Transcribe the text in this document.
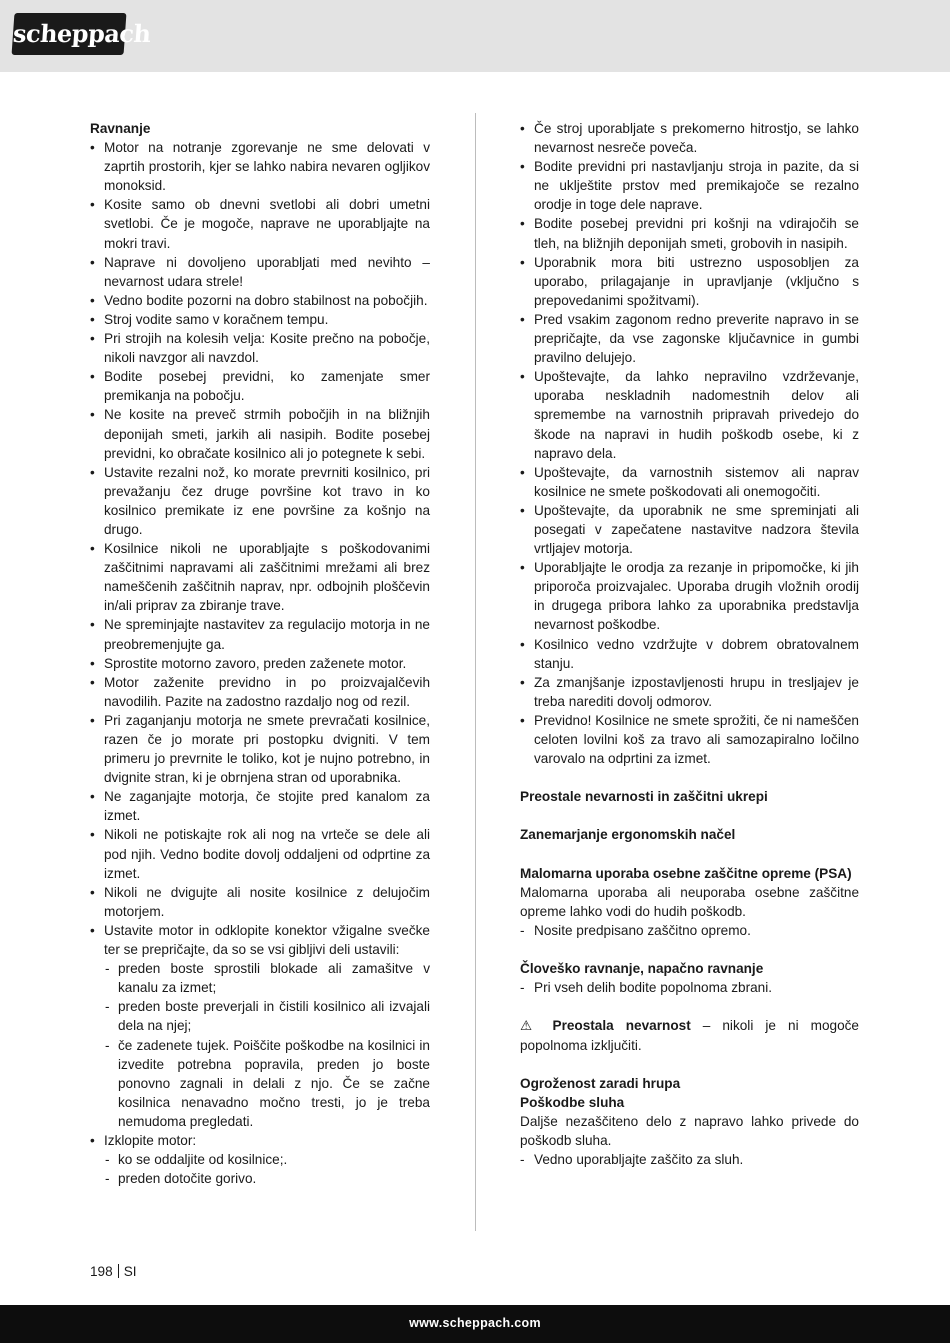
scheppach
Ravnanje
• Motor na notranje zgorevanje ne sme delovati v zaprtih prostorih, kjer se lahko nabira nevaren ogljikov monoksid.
• Kosite samo ob dnevni svetlobi ali dobri umetni svetlobi. Če je mogoče, naprave ne uporabljajte na mokri travi.
• Naprave ni dovoljeno uporabljati med nevihto – nevarnost udara strele!
• Vedno bodite pozorni na dobro stabilnost na pobočjih.
• Stroj vodite samo v koračnem tempu.
• Pri strojih na kolesih velja: Kosite prečno na pobočje, nikoli navzgor ali navzdol.
• Bodite posebej previdni, ko zamenjate smer premikanja na pobočju.
• Ne kosite na preveč strmih pobočjih in na bližnjih deponijah smeti, jarkih ali nasipih. Bodite posebej previdni, ko obračate kosilnico ali jo potegnete k sebi.
• Ustavite rezalni nož, ko morate prevrniti kosilnico, pri prevažanju čez druge površine kot travo in ko kosilnico premikate iz ene površine za košnjo na drugo.
• Kosilnice nikoli ne uporabljajte s poškodovanimi zaščitnimi napravami ali zaščitnimi mrežami ali brez nameščenih zaščitnih naprav, npr. odbojnih ploščevin in/ali priprav za zbiranje trave.
• Ne spreminjajte nastavitev za regulacijo motorja in ne preobremenjujte ga.
• Sprostite motorno zavoro, preden zaženete motor.
• Motor zaženite previdno in po proizvajalčevih navodilih. Pazite na zadostno razdaljo nog od rezil.
• Pri zaganjanju motorja ne smete prevračati kosilnice, razen če jo morate pri postopku dvigniti. V tem primeru jo prevrnite le toliko, kot je nujno potrebno, in dvignite stran, ki je obrnjena stran od uporabnika.
• Ne zaganjajte motorja, če stojite pred kanalom za izmet.
• Nikoli ne potiskajte rok ali nog na vrteče se dele ali pod njih. Vedno bodite dovolj oddaljeni od odprtine za izmet.
• Nikoli ne dvigujte ali nosite kosilnice z delujočim motorjem.
• Ustavite motor in odklopite konektor vžigalne svečke ter se prepričajte, da so se vsi gibljivi deli ustavili:
- preden boste sprostili blokade ali zamašitve v kanalu za izmet;
- preden boste preverjali in čistili kosilnico ali izvajali dela na njej;
- če zadenete tujek. Poiščite poškodbe na kosilnici in izvedite potrebna popravila, preden jo boste ponovno zagnali in delali z njo. Če se začne kosilnica nenavadno močno tresti, jo je treba nemudoma pregledati.
• Izklopite motor:
- ko se oddaljite od kosilnice;.
- preden dotočite gorivo.
• Če stroj uporabljate s prekomerno hitrostjo, se lahko nevarnost nesreče poveča.
• Bodite previdni pri nastavljanju stroja in pazite, da si ne uklještite prstov med premikajoče se rezalno orodje in toge dele naprave.
• Bodite posebej previdni pri košnji na vdirajočih se tleh, na bližnjih deponijah smeti, grobovih in nasipih.
• Uporabnik mora biti ustrezno usposobljen za uporabo, prilagajanje in upravljanje (vključno s prepovedanimi spožitvami).
• Pred vsakim zagonom redno preverite napravo in se prepričajte, da vse zagonske ključavnice in gumbi pravilno delujejo.
• Upoštevajte, da lahko nepravilno vzdrževanje, uporaba neskladnih nadomestnih delov ali spremembe na varnostnih pripravah privedejo do škode na napravi in hudih poškodb osebe, ki z napravo dela.
• Upoštevajte, da varnostnih sistemov ali naprav kosilnice ne smete poškodovati ali onemogočiti.
• Upoštevajte, da uporabnik ne sme spreminjati ali posegati v zapečatene nastavitve nadzora števila vrtljajev motorja.
• Uporabljajte le orodja za rezanje in pripomočke, ki jih priporoča proizvajalec. Uporaba drugih vložnih orodij in drugega pribora lahko za uporabnika predstavlja nevarnost poškodbe.
• Kosilnico vedno vzdržujte v dobrem obratovalnem stanju.
• Za zmanjšanje izpostavljenosti hrupu in tresljajev je treba narediti dovolj odmorov.
• Previdno! Kosilnice ne smete sprožiti, če ni nameščen celoten lovilni koš za travo ali samozapiralno ločilno varovalo na odprtini za izmet.
Preostale nevarnosti in zaščitni ukrepi
Zanemarjanje ergonomskih načel

Malomarna uporaba osebne zaščitne opreme (PSA)

Malomarna uporaba ali neuporaba osebne zaščitne opreme lahko vodi do hudih poškodb.

- Nosite predpisano zaščitno opremo.
Človeško ravnanje, napačno ravnanje
- Pri vseh delih bodite popolnoma zbrani.

⚠ Preostala nevarnost – nikoli je ni mogoče popolnoma izključiti.

Ogroženost zaradi hrupa
Poškodbe sluha

Daljše nezaščiteno delo z napravo lahko privede do poškodb sluha.

- Vedno uporabljajte zaščito za sluh.
198 SI
www.scheppach.com
